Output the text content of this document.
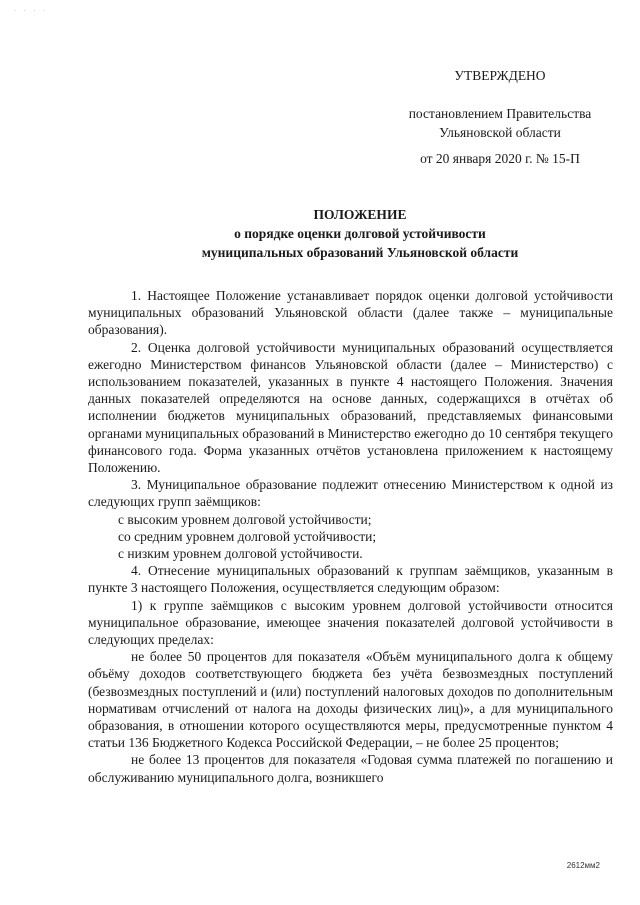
· · · ·
УТВЕРЖДЕНО
постановлением Правительства
Ульяновской области
от 20 января 2020 г. № 15-П
ПОЛОЖЕНИЕ
о порядке оценки долговой устойчивости
муниципальных образований Ульяновской области

1. Настоящее Положение устанавливает порядок оценки долговой устойчивости муниципальных образований Ульяновской области (далее также – муниципальные образования).

2. Оценка долговой устойчивости муниципальных образований осуществляется ежегодно Министерством финансов Ульяновской области (далее – Министерство) с использованием показателей, указанных в пункте 4 настоящего Положения. Значения данных показателей определяются на основе данных, содержащихся в отчётах об исполнении бюджетов муниципальных образований, представляемых финансовыми органами муниципальных образований в Министерство ежегодно до 10 сентября текущего финансового года. Форма указанных отчётов установлена приложением к настоящему Положению.

3. Муниципальное образование подлежит отнесению Министерством к одной из следующих групп заёмщиков:

с высоким уровнем долговой устойчивости;

со средним уровнем долговой устойчивости;

с низким уровнем долговой устойчивости.

4. Отнесение муниципальных образований к группам заёмщиков, указанным в пункте 3 настоящего Положения, осуществляется следующим образом:

1) к группе заёмщиков с высоким уровнем долговой устойчивости относится муниципальное образование, имеющее значения показателей долговой устойчивости в следующих пределах:

не более 50 процентов для показателя «Объём муниципального долга к общему объёму доходов соответствующего бюджета без учёта безвозмездных поступлений (безвозмездных поступлений и (или) поступлений налоговых доходов по дополнительным нормативам отчислений от налога на доходы физических лиц)», а для муниципального образования, в отношении которого осуществляются меры, предусмотренные пунктом 4 статьи 136 Бюджетного Кодекса Российской Федерации, – не более 25 процентов;

не более 13 процентов для показателя «Годовая сумма платежей по погашению и обслуживанию муниципального долга, возникшего

2612мм2
